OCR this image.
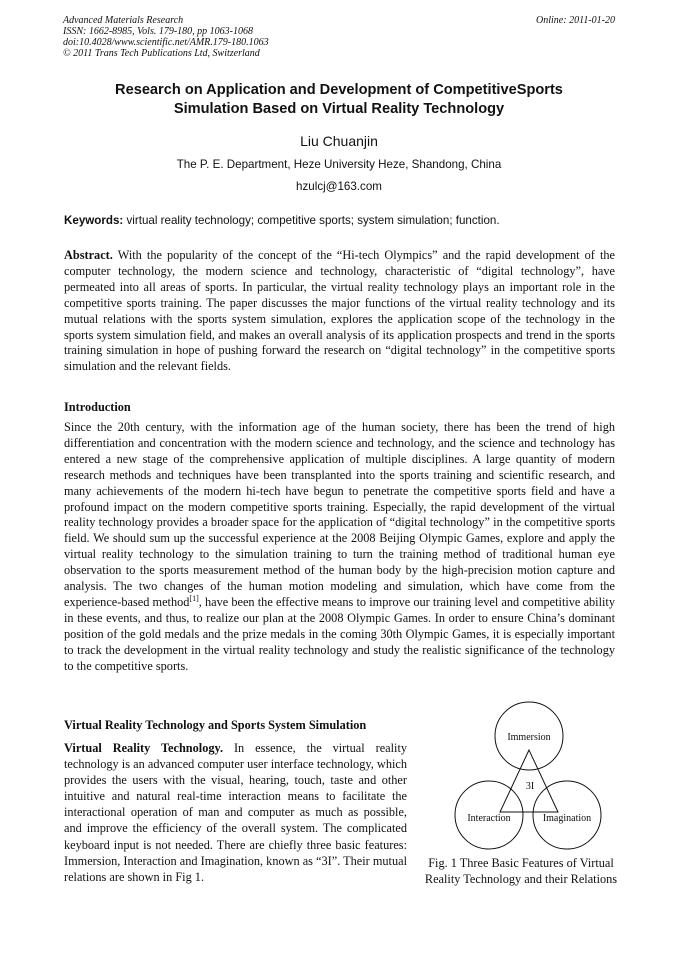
Advanced Materials Research
ISSN: 1662-8985, Vols. 179-180, pp 1063-1068
doi:10.4028/www.scientific.net/AMR.179-180.1063
© 2011 Trans Tech Publications Ltd, Switzerland
Online: 2011-01-20
Research on Application and Development of CompetitiveSports
Simulation Based on Virtual Reality Technology
Liu Chuanjin
The P. E. Department, Heze University Heze, Shandong, China
hzulcj@163.com
Keywords: virtual reality technology; competitive sports; system simulation; function.
Abstract. With the popularity of the concept of the “Hi-tech Olympics” and the rapid development of the computer technology, the modern science and technology, characteristic of “digital technology”, have permeated into all areas of sports. In particular, the virtual reality technology plays an important role in the competitive sports training. The paper discusses the major functions of the virtual reality technology and its mutual relations with the sports system simulation, explores the application scope of the technology in the sports system simulation field, and makes an overall analysis of its application prospects and trend in the sports training simulation in hope of pushing forward the research on “digital technology” in the competitive sports simulation and the relevant fields.
Introduction
Since the 20th century, with the information age of the human society, there has been the trend of high differentiation and concentration with the modern science and technology, and the science and technology has entered a new stage of the comprehensive application of multiple disciplines. A large quantity of modern research methods and techniques have been transplanted into the sports training and scientific research, and many achievements of the modern hi-tech have begun to penetrate the competitive sports field and have a profound impact on the modern competitive sports training. Especially, the rapid development of the virtual reality technology provides a broader space for the application of “digital technology” in the competitive sports field. We should sum up the successful experience at the 2008 Beijing Olympic Games, explore and apply the virtual reality technology to the simulation training to turn the training method of traditional human eye observation to the sports measurement method of the human body by the high-precision motion capture and analysis. The two changes of the human motion modeling and simulation, which have come from the experience-based method[1], have been the effective means to improve our training level and competitive ability in these events, and thus, to realize our plan at the 2008 Olympic Games. In order to ensure China’s dominant position of the gold medals and the prize medals in the coming 30th Olympic Games, it is especially important to track the development in the virtual reality technology and study the realistic significance of the technology to the competitive sports.
Virtual Reality Technology and Sports System Simulation
Virtual Reality Technology. In essence, the virtual reality technology is an advanced computer user interface technology, which provides the users with the visual, hearing, touch, taste and other intuitive and natural real-time interaction means to facilitate the interactional operation of man and computer as much as possible, and improve the efficiency of the overall system. The complicated keyboard input is not needed. There are chiefly three basic features: Immersion, Interaction and Imagination, known as “3I”. Their mutual relations are shown in Fig 1.
Immersion
Interaction	Imagination
3I
Fig. 1 Three Basic Features of Virtual Reality Technology and their Relations
